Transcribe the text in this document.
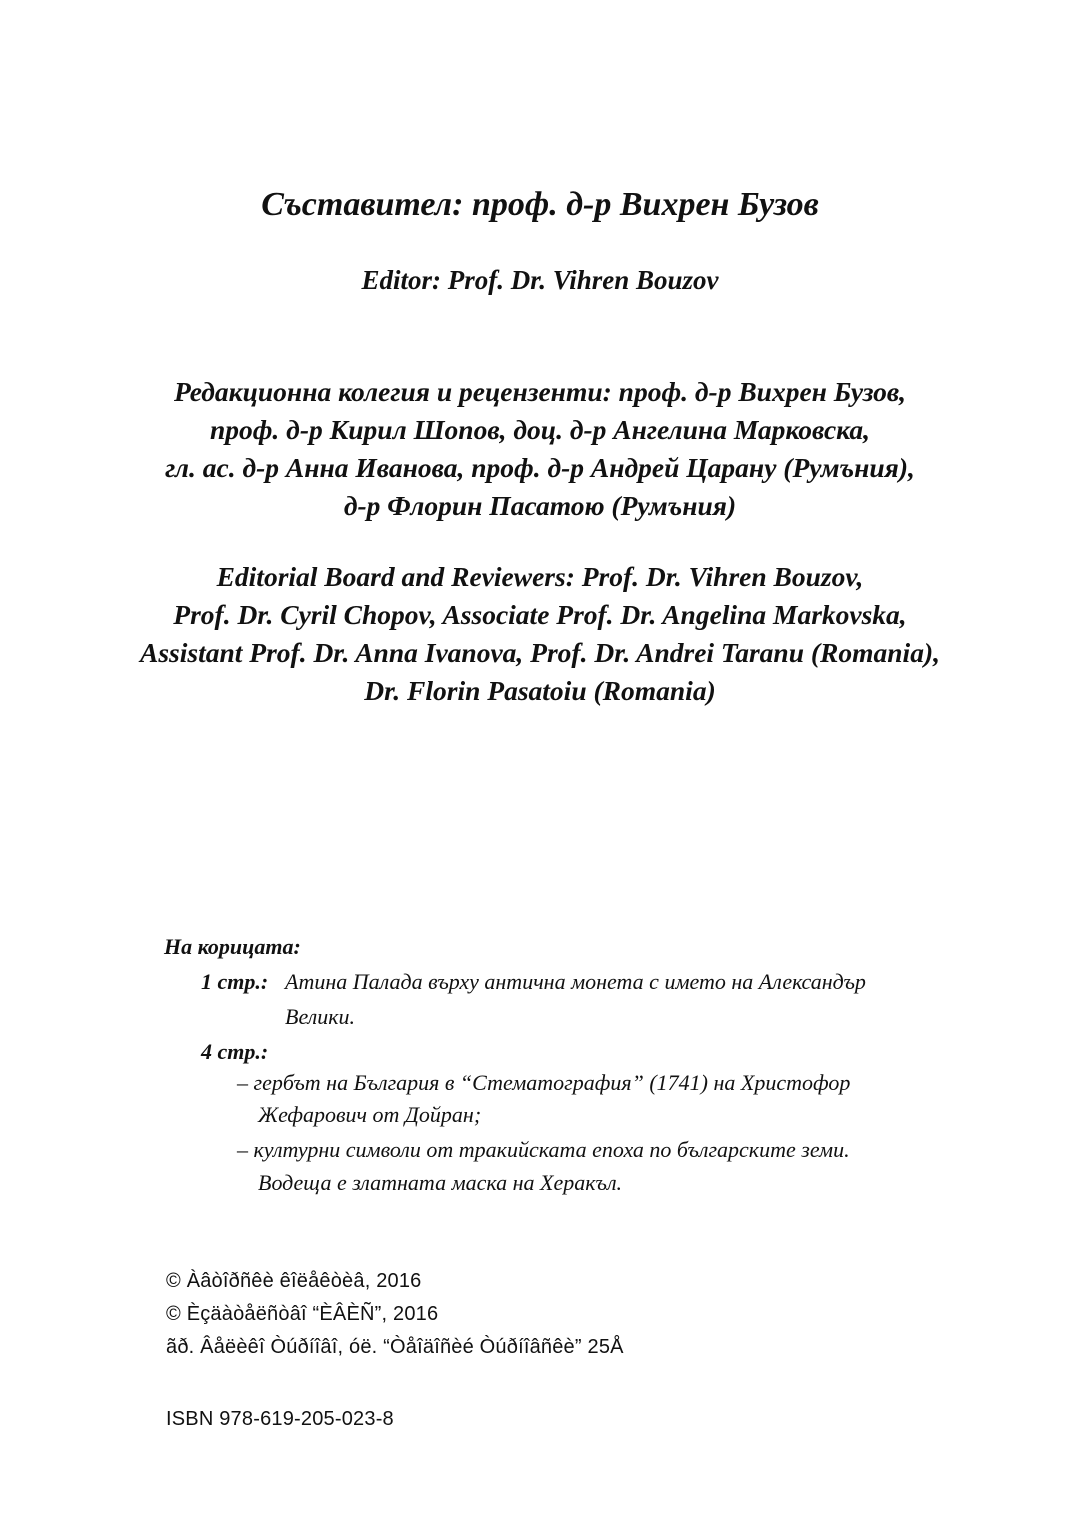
Съставител: проф. д-р Вихрен Бузов
Editor: Prof. Dr. Vihren Bouzov
Редакционна колегия и рецензенти: проф. д-р Вихрен Бузов,
проф. д-р Кирил Шопов, доц. д-р Ангелина Марковска,
гл. ас. д-р Анна Иванова, проф. д-р Андрей Царану (Румъния),
д-р Флорин Пасатою (Румъния)
Editorial Board and Reviewers: Prof. Dr. Vihren Bouzov,
Prof. Dr. Cyril Chopov, Associate Prof. Dr. Angelina Markovska,
Assistant Prof. Dr. Anna Ivanova, Prof. Dr. Andrei Taranu (Romania),
Dr. Florin Pasatoiu (Romania)
На корицата:
1 стр.: Атина Палада върху антична монета с името на Александър
Велики.
4 стр.:
– гербът на България в “Стематография” (1741) на Христофор
Жефарович от Дойран;
– културни символи от тракийската епоха по българските земи.
Водеща е златната маска на Херакъл.
© Àâòîðñêè êîëåêòèâ, 2016
© Èçäàòåëñòâî “ÈÂÈÑ”, 2016
ãð. Âåëèêî Òúðíîâî, óë. “Òåîäîñèé Òúðíîâñêè” 25Å
ISBN 978-619-205-023-8
